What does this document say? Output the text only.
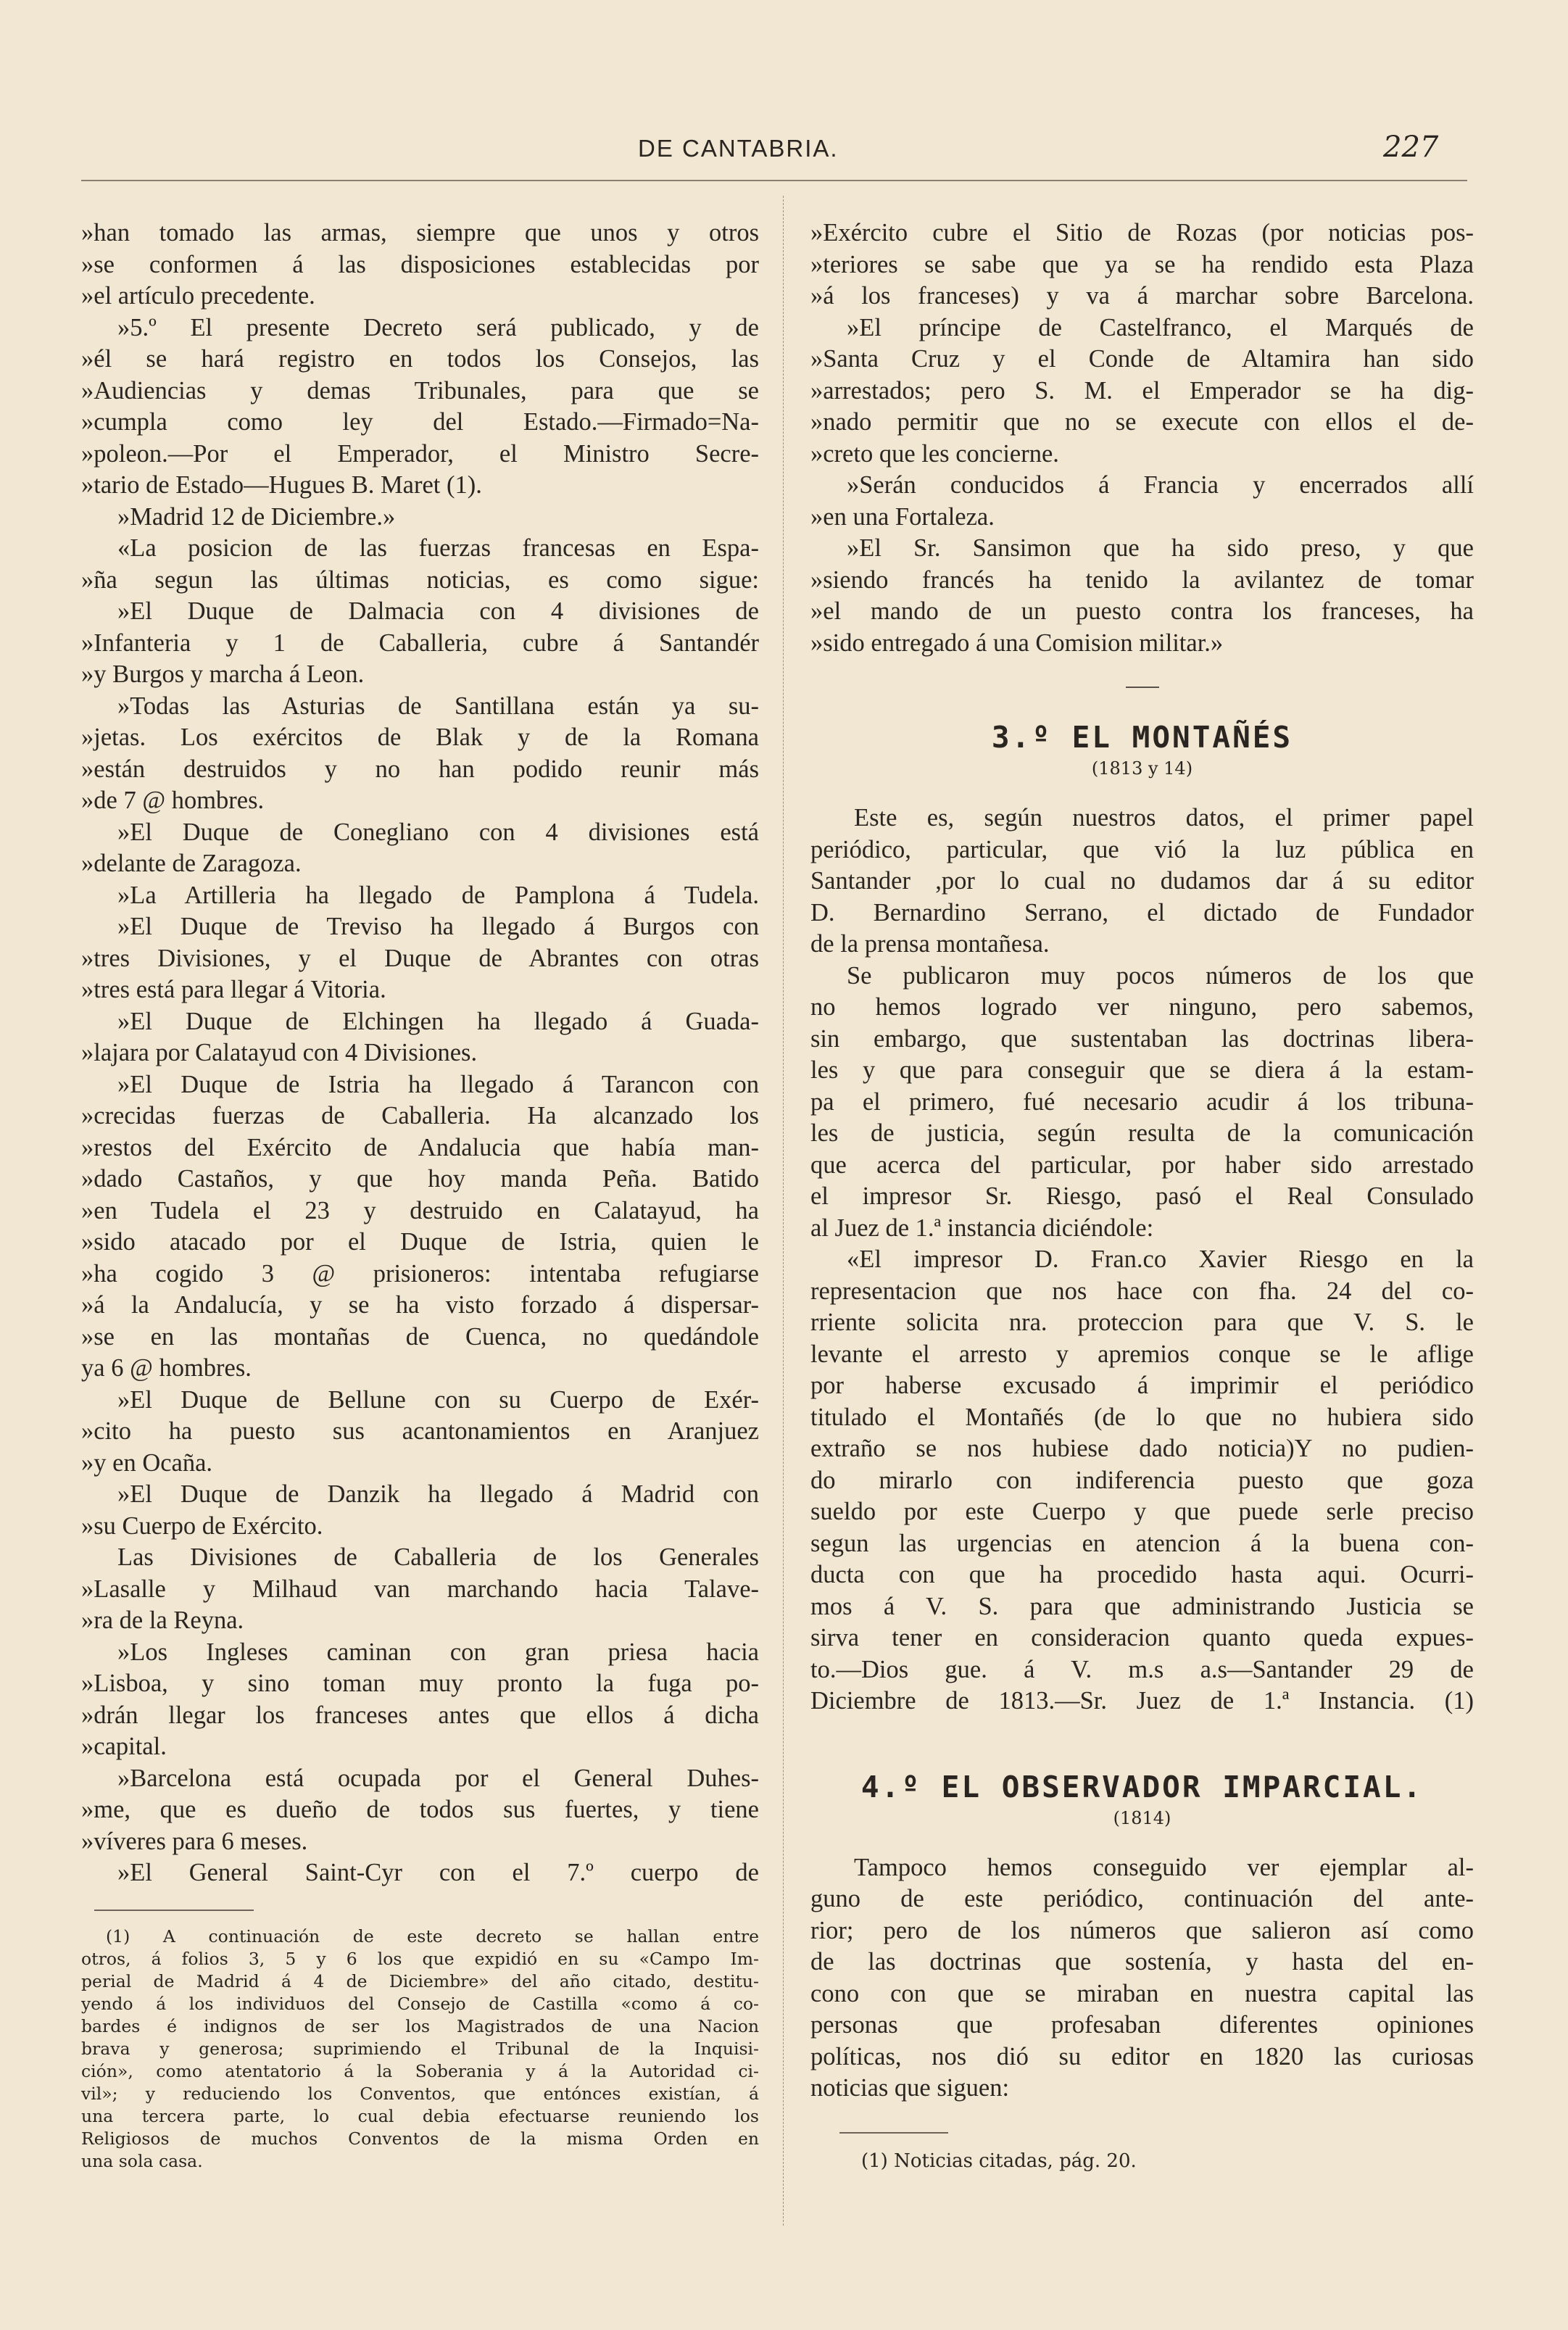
DE CANTABRIA.	227
»han tomado las armas, siempre que unos y otros
»se conformen á las disposiciones establecidas por
»el artículo precedente.
»5.º El presente Decreto será publicado, y de
»él se hará registro en todos los Consejos, las
»Audiencias y demas Tribunales, para que se
»cumpla como ley del Estado.—Firmado=Na-
»poleon.—Por el Emperador, el Ministro Secre-
»tario de Estado—Hugues B. Maret (1).
»Madrid 12 de Diciembre.»
«La posicion de las fuerzas francesas en Espa-
»ña segun las últimas noticias, es como sigue:
»El Duque de Dalmacia con 4 divisiones de
»Infanteria y 1 de Caballeria, cubre á Santandér
»y Burgos y marcha á Leon.
»Todas las Asturias de Santillana están ya su-
»jetas. Los exércitos de Blak y de la Romana
»están destruidos y no han podido reunir más
»de 7 @ hombres.
»El Duque de Conegliano con 4 divisiones está
»delante de Zaragoza.
»La Artilleria ha llegado de Pamplona á Tudela.
»El Duque de Treviso ha llegado á Burgos con
»tres Divisiones, y el Duque de Abrantes con otras
»tres está para llegar á Vitoria.
»El Duque de Elchingen ha llegado á Guada-
»lajara por Calatayud con 4 Divisiones.
»El Duque de Istria ha llegado á Tarancon con
»crecidas fuerzas de Caballeria. Ha alcanzado los
»restos del Exército de Andalucia que había man-
»dado Castaños, y que hoy manda Peña. Batido
»en Tudela el 23 y destruido en Calatayud, ha
»sido atacado por el Duque de Istria, quien le
»ha cogido 3 @ prisioneros: intentaba refugiarse
»á la Andalucía, y se ha visto forzado á dispersar-
»se en las montañas de Cuenca, no quedándole
ya 6 @ hombres.
»El Duque de Bellune con su Cuerpo de Exér-
»cito ha puesto sus acantonamientos en Aranjuez
»y en Ocaña.
»El Duque de Danzik ha llegado á Madrid con
»su Cuerpo de Exército.
Las Divisiones de Caballeria de los Generales
»Lasalle y Milhaud van marchando hacia Talave-
»ra de la Reyna.
»Los Ingleses caminan con gran priesa hacia
»Lisboa, y sino toman muy pronto la fuga po-
»drán llegar los franceses antes que ellos á dicha
»capital.
»Barcelona está ocupada por el General Duhes-
»me, que es dueño de todos sus fuertes, y tiene
»víveres para 6 meses.
»El General Saint-Cyr con el 7.º cuerpo de
(1) A continuación de este decreto se hallan entre
otros, á folios 3, 5 y 6 los que expidió en su «Campo Im-
perial de Madrid á 4 de Diciembre» del año citado, destitu-
yendo á los individuos del Consejo de Castilla «como á co-
bardes é indignos de ser los Magistrados de una Nacion
brava y generosa; suprimiendo el Tribunal de la Inquisi-
ción», como atentatorio á la Soberania y á la Autoridad ci-
vil»; y reduciendo los Conventos, que entónces existían, á
una tercera parte, lo cual debia efectuarse reuniendo los
Religiosos de muchos Conventos de la misma Orden en
una sola casa.
»Exército cubre el Sitio de Rozas (por noticias pos-
»teriores se sabe que ya se ha rendido esta Plaza
»á los franceses) y va á marchar sobre Barcelona.
»El príncipe de Castelfranco, el Marqués de
»Santa Cruz y el Conde de Altamira han sido
»arrestados; pero S. M. el Emperador se ha dig-
»nado permitir que no se execute con ellos el de-
»creto que les concierne.
»Serán conducidos á Francia y encerrados allí
»en una Fortaleza.
»El Sr. Sansimon que ha sido preso, y que
»siendo francés ha tenido la avilantez de tomar
»el mando de un puesto contra los franceses, ha
»sido entregado á una Comision militar.»
3.º EL MONTAÑÉS
(1813 y 14)
Este es, según nuestros datos, el primer papel
periódico, particular, que vió la luz pública en
Santander ,por lo cual no dudamos dar á su editor
D. Bernardino Serrano, el dictado de Fundador
de la prensa montañesa.
Se publicaron muy pocos números de los que
no hemos logrado ver ninguno, pero sabemos,
sin embargo, que sustentaban las doctrinas libera-
les y que para conseguir que se diera á la estam-
pa el primero, fué necesario acudir á los tribuna-
les de justicia, según resulta de la comunicación
que acerca del particular, por haber sido arrestado
el impresor Sr. Riesgo, pasó el Real Consulado
al Juez de 1.ª instancia diciéndole:
«El impresor D. Fran.co Xavier Riesgo en la
representacion que nos hace con fha. 24 del co-
rriente solicita nra. proteccion para que V. S. le
levante el arresto y apremios conque se le aflige
por haberse excusado á imprimir el periódico
titulado el Montañés (de lo que no hubiera sido
extraño se nos hubiese dado noticia)Y no pudien-
do mirarlo con indiferencia puesto que goza
sueldo por este Cuerpo y que puede serle preciso
segun las urgencias en atencion á la buena con-
ducta con que ha procedido hasta aqui. Ocurri-
mos á V. S. para que administrando Justicia se
sirva tener en consideracion quanto queda expues-
to.—Dios gue. á V. m.s a.s—Santander 29 de
Diciembre de 1813.—Sr. Juez de 1.ª Instancia. (1)
4.º EL OBSERVADOR IMPARCIAL.
(1814)
Tampoco hemos conseguido ver ejemplar al-
guno de este periódico, continuación del ante-
rior; pero de los números que salieron así como
de las doctrinas que sostenía, y hasta del en-
cono con que se miraban en nuestra capital las
personas que profesaban diferentes opiniones
políticas, nos dió su editor en 1820 las curiosas
noticias que siguen:
(1) Noticias citadas, pág. 20.
